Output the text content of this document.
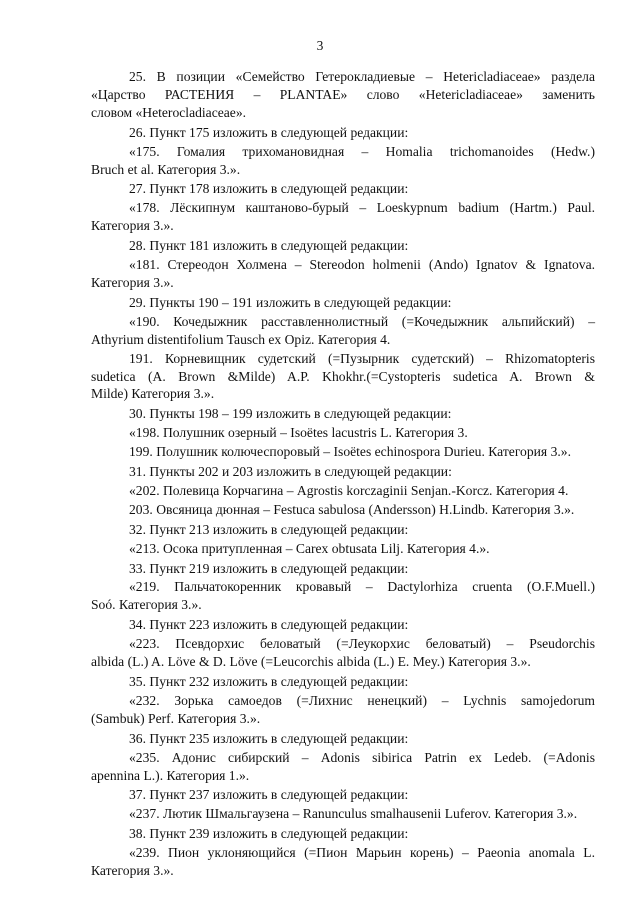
3

25. В позиции «Семейство Гетерокладиевые – Hetericladiaceae» раздела

«Царство РАСТЕНИЯ – PLANTAE» слово «Hetericladiaceae» заменить

словом «Heterocladiaceae».

26. Пункт 175 изложить в следующей редакции:

«175. Гомалия трихомановидная – Homalia trichomanoides (Hedw.)

Bruch et al. Категория 3.».

27. Пункт 178 изложить в следующей редакции:

«178. Лёскипнум каштаново-бурый – Loeskypnum badium (Hartm.) Paul.

Категория 3.».

28. Пункт 181 изложить в следующей редакции:

«181. Стереодон Холмена – Stereodon holmenii (Ando) Ignatov & Ignatova.

Категория 3.».

29. Пункты 190 – 191 изложить в следующей редакции:

«190. Кочедыжник расставленнолистный (=Кочедыжник альпийский) –

Athyrium distentifolium Tausch ex Opiz. Категория 4.

191. Корневищник судетский (=Пузырник судетский) – Rhizomatopteris

sudetica (A. Brown &Milde) A.P. Khokhr.(=Cystopteris sudetica A. Brown &

Milde) Категория 3.».

30. Пункты 198 – 199 изложить в следующей редакции:

«198. Полушник озерный – Isoëtes lacustris L. Категория 3.

199. Полушник колючеспоровый – Isoëtes echinospora Durieu. Категория 3.».

31. Пункты 202 и 203 изложить в следующей редакции:

«202. Полевица Корчагина – Agrostis korczaginii Senjan.-Korcz. Категория 4.

203. Овсяница дюнная – Festuca sabulosa (Andersson) H.Lindb. Категория 3.».

32. Пункт 213 изложить в следующей редакции:

«213. Осока притупленная – Carex obtusata Lilj. Категория 4.».

33. Пункт 219 изложить в следующей редакции:

«219. Пальчатокоренник кровавый – Dactylorhiza cruenta (O.F.Muell.)

Soó. Категория 3.».

34. Пункт 223 изложить в следующей редакции:

«223. Псевдорхис беловатый (=Леукорхис беловатый) – Pseudorchis

albida (L.) A. Löve & D. Löve (=Leucorchis albida (L.) E. Mey.) Категория 3.».

35. Пункт 232 изложить в следующей редакции:

«232. Зорька самоедов (=Лихнис ненецкий) – Lychnis samojedorum

(Sambuk) Perf. Категория 3.».

36. Пункт 235 изложить в следующей редакции:

«235. Адонис сибирский – Adonis sibirica Patrin ex Ledeb. (=Adonis

apennina L.). Категория 1.».

37. Пункт 237 изложить в следующей редакции:

«237. Лютик Шмальгаузена – Ranunculus smalhausenii Luferov. Категория 3.».

38. Пункт 239 изложить в следующей редакции:

«239. Пион уклоняющийся (=Пион Марьин корень) – Paeonia anomala L.

Категория 3.».
